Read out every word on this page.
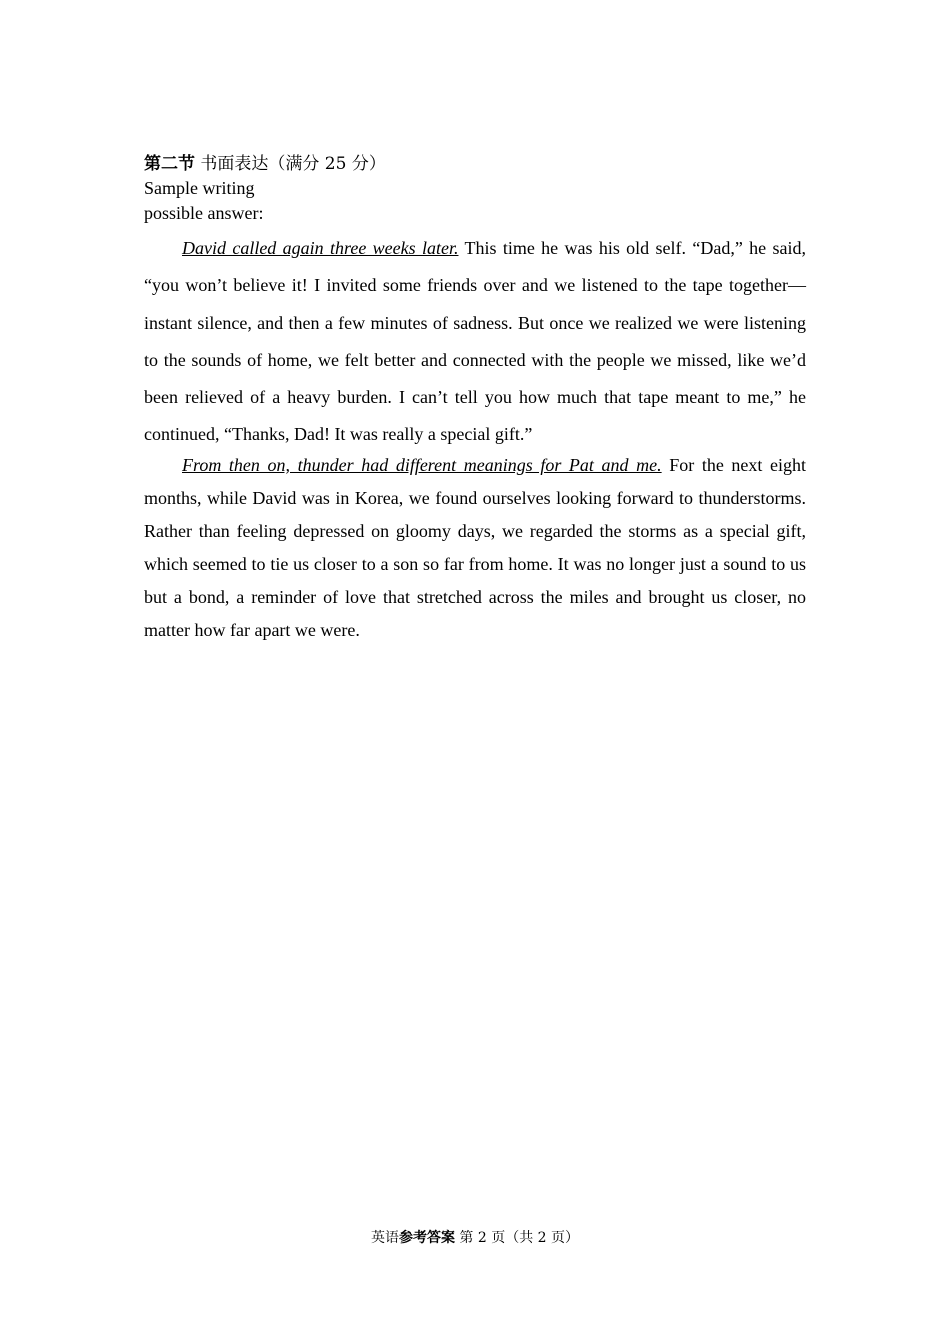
第二节 书面表达（满分 25 分）
Sample writing
possible answer:

David called again three weeks later. This time he was his old self. “Dad,” he said, “you won’t believe it! I invited some friends over and we listened to the tape together—instant silence, and then a few minutes of sadness. But once we realized we were listening to the sounds of home, we felt better and connected with the people we missed, like we’d been relieved of a heavy burden. I can’t tell you how much that tape meant to me,” he continued, “Thanks, Dad! It was really a special gift.”

From then on, thunder had different meanings for Pat and me. For the next eight months, while David was in Korea, we found ourselves looking forward to thunderstorms. Rather than feeling depressed on gloomy days, we regarded the storms as a special gift, which seemed to tie us closer to a son so far from home. It was no longer just a sound to us but a bond, a reminder of love that stretched across the miles and brought us closer, no matter how far apart we were.

英语参考答案 第 2 页（共 2 页）
